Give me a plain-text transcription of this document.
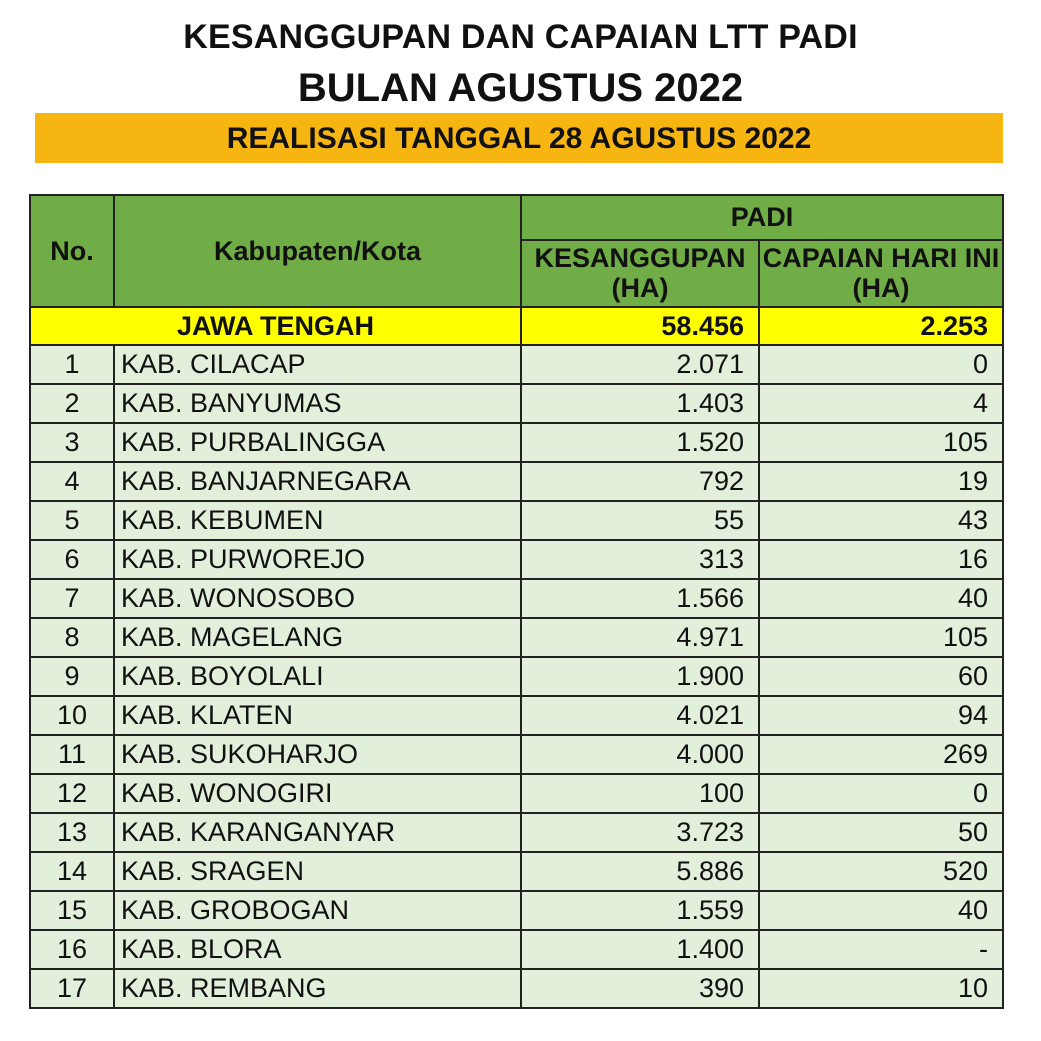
KESANGGUPAN DAN CAPAIAN LTT PADI
BULAN AGUSTUS 2022
REALISASI TANGGAL 28 AGUSTUS 2022
No.	Kabupaten/Kota	PADI	
		KESANGGUPAN (HA)	CAPAIAN HARI INI (HA)
JAWA TENGAH		58.456	2.253
1	KAB. CILACAP	2.071	0
2	KAB. BANYUMAS	1.403	4
3	KAB. PURBALINGGA	1.520	105
4	KAB. BANJARNEGARA	792	19
5	KAB. KEBUMEN	55	43
6	KAB. PURWOREJO	313	16
7	KAB. WONOSOBO	1.566	40
8	KAB. MAGELANG	4.971	105
9	KAB. BOYOLALI	1.900	60
10	KAB. KLATEN	4.021	94
11	KAB. SUKOHARJO	4.000	269
12	KAB. WONOGIRI	100	0
13	KAB. KARANGANYAR	3.723	50
14	KAB. SRAGEN	5.886	520
15	KAB. GROBOGAN	1.559	40
16	KAB. BLORA	1.400	-
17	KAB. REMBANG	390	10
